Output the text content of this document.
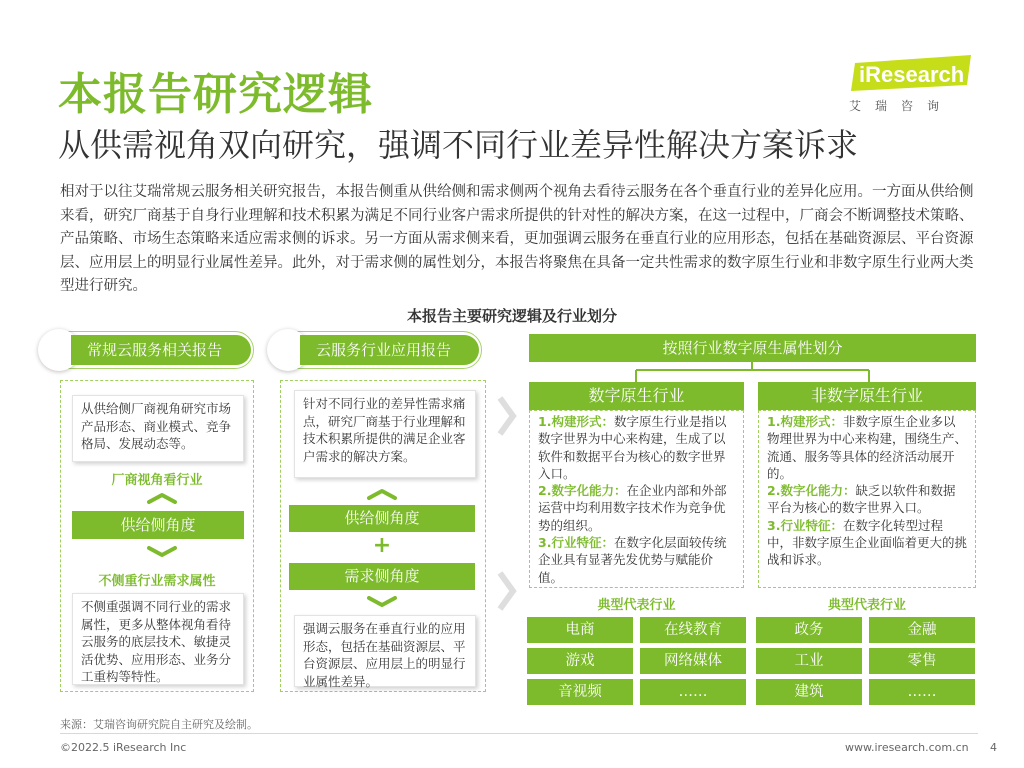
本报告研究逻辑
从供需视角双向研究，强调不同行业差异性解决方案诉求
iResearch
艾瑞咨询
相对于以往艾瑞常规云服务相关研究报告，本报告侧重从供给侧和需求侧两个视角去看待云服务在各个垂直行业的差异化应用。一方面从供给侧来看，研究厂商基于自身行业理解和技术积累为满足不同行业客户需求所提供的针对性的解决方案，在这一过程中，厂商会不断调整技术策略、产品策略、市场生态策略来适应需求侧的诉求。另一方面从需求侧来看，更加强调云服务在垂直行业的应用形态，包括在基础资源层、平台资源层、应用层上的明显行业属性差异。此外，对于需求侧的属性划分，本报告将聚焦在具备一定共性需求的数字原生行业和非数字原生行业两大类型进行研究。
本报告主要研究逻辑及行业划分
常规云服务相关报告
从供给侧厂商视角研究市场产品形态、商业模式、竞争格局、发展动态等。
厂商视角看行业
供给侧角度
不侧重行业需求属性
不侧重强调不同行业的需求属性，更多从整体视角看待云服务的底层技术、敏捷灵活优势、应用形态、业务分工重构等特性。
云服务行业应用报告
针对不同行业的差异性需求痛点，研究厂商基于行业理解和技术积累所提供的满足企业客户需求的解决方案。
供给侧角度
+
需求侧角度
强调云服务在垂直行业的应用形态，包括在基础资源层、平台资源层、应用层上的明显行业属性差异。
按照行业数字原生属性划分
数字原生行业	非数字原生行业
1.构建形式：数字原生行业是指以数字世界为中心来构建，生成了以软件和数据平台为核心的数字世界入口。
2.数字化能力：在企业内部和外部运营中均利用数字技术作为竞争优势的组织。
3.行业特征：在数字化层面较传统企业具有显著先发优势与赋能价值。
1.构建形式：非数字原生企业多以物理世界为中心来构建，围绕生产、流通、服务等具体的经济活动展开的。
2.数字化能力：缺乏以软件和数据平台为核心的数字世界入口。
3.行业特征：在数字化转型过程中，非数字原生企业面临着更大的挑战和诉求。
典型代表行业	典型代表行业
电商	在线教育
游戏	网络媒体
音视频	……
政务	金融
工业	零售
建筑	……
来源：艾瑞咨询研究院自主研究及绘制。
©2022.5 iResearch Inc	www.iresearch.com.cn 4
